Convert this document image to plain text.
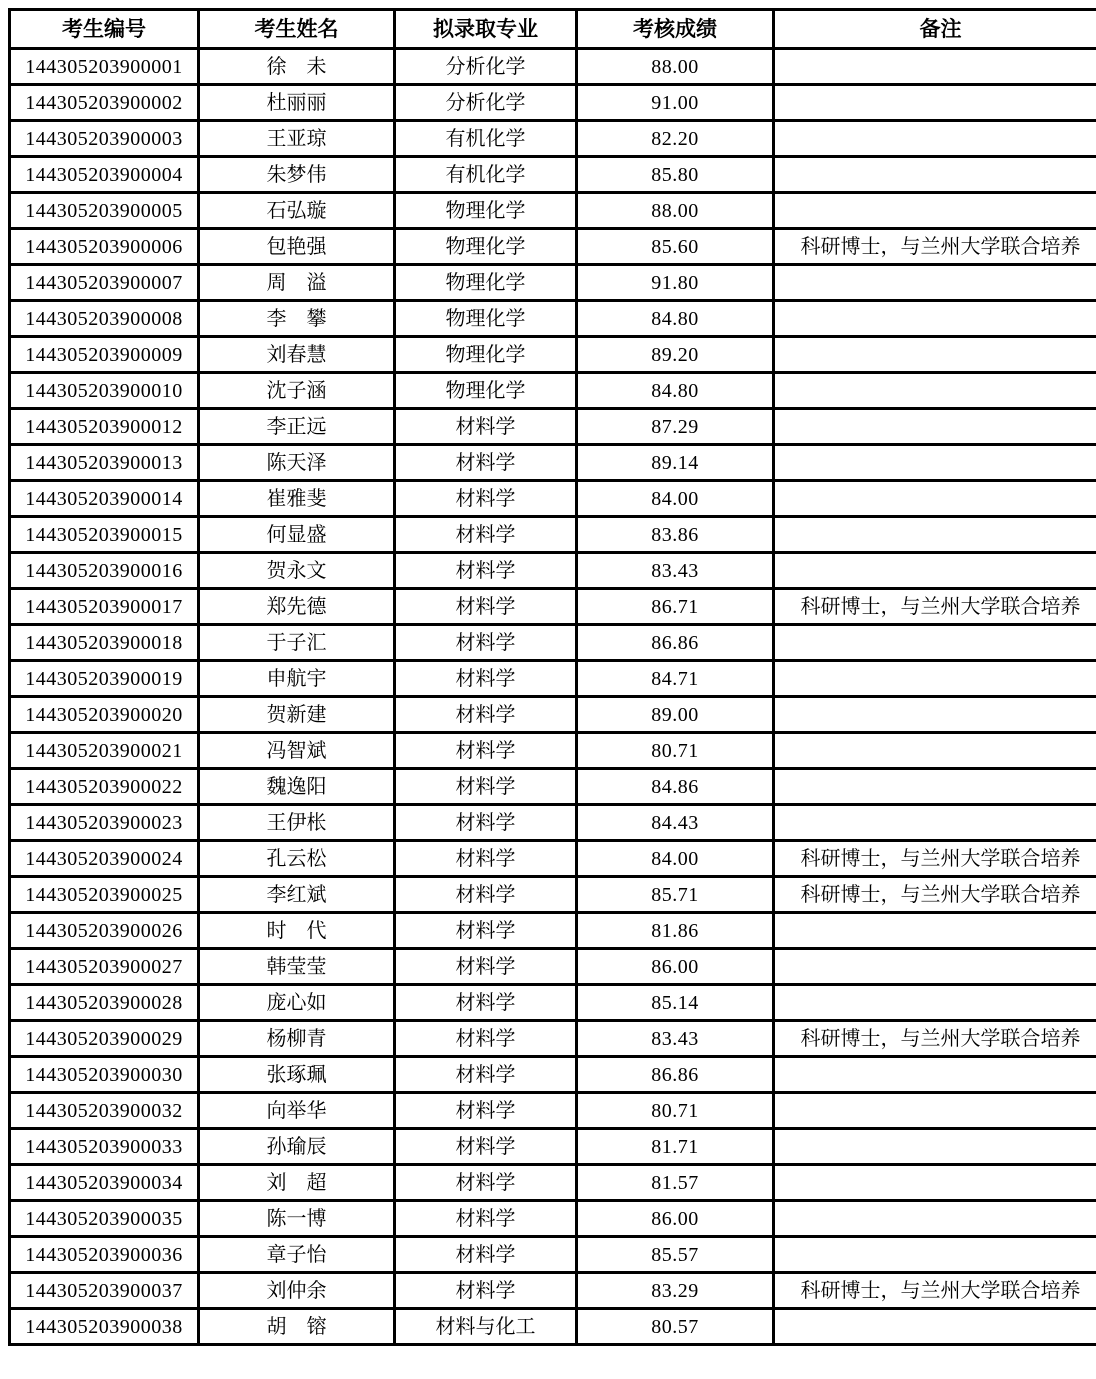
考生编号	考生姓名	拟录取专业	考核成绩	备注
144305203900001	徐　未	分析化学	88.00	
144305203900002	杜丽丽	分析化学	91.00	
144305203900003	王亚琼	有机化学	82.20	
144305203900004	朱梦伟	有机化学	85.80	
144305203900005	石弘璇	物理化学	88.00	
144305203900006	包艳强	物理化学	85.60	科研博士，与兰州大学联合培养
144305203900007	周　溢	物理化学	91.80	
144305203900008	李　攀	物理化学	84.80	
144305203900009	刘春慧	物理化学	89.20	
144305203900010	沈子涵	物理化学	84.80	
144305203900012	李正远	材料学	87.29	
144305203900013	陈天泽	材料学	89.14	
144305203900014	崔雅斐	材料学	84.00	
144305203900015	何显盛	材料学	83.86	
144305203900016	贺永文	材料学	83.43	
144305203900017	郑先德	材料学	86.71	科研博士，与兰州大学联合培养
144305203900018	于子汇	材料学	86.86	
144305203900019	申航宇	材料学	84.71	
144305203900020	贺新建	材料学	89.00	
144305203900021	冯智斌	材料学	80.71	
144305203900022	魏逸阳	材料学	84.86	
144305203900023	王伊枨	材料学	84.43	
144305203900024	孔云松	材料学	84.00	科研博士，与兰州大学联合培养
144305203900025	李红斌	材料学	85.71	科研博士，与兰州大学联合培养
144305203900026	时　代	材料学	81.86	
144305203900027	韩莹莹	材料学	86.00	
144305203900028	庞心如	材料学	85.14	
144305203900029	杨柳青	材料学	83.43	科研博士，与兰州大学联合培养
144305203900030	张琢珮	材料学	86.86	
144305203900032	向举华	材料学	80.71	
144305203900033	孙瑜辰	材料学	81.71	
144305203900034	刘　超	材料学	81.57	
144305203900035	陈一博	材料学	86.00	
144305203900036	章子怡	材料学	85.57	
144305203900037	刘仲余	材料学	83.29	科研博士，与兰州大学联合培养
144305203900038	胡　镕	材料与化工	80.57	
